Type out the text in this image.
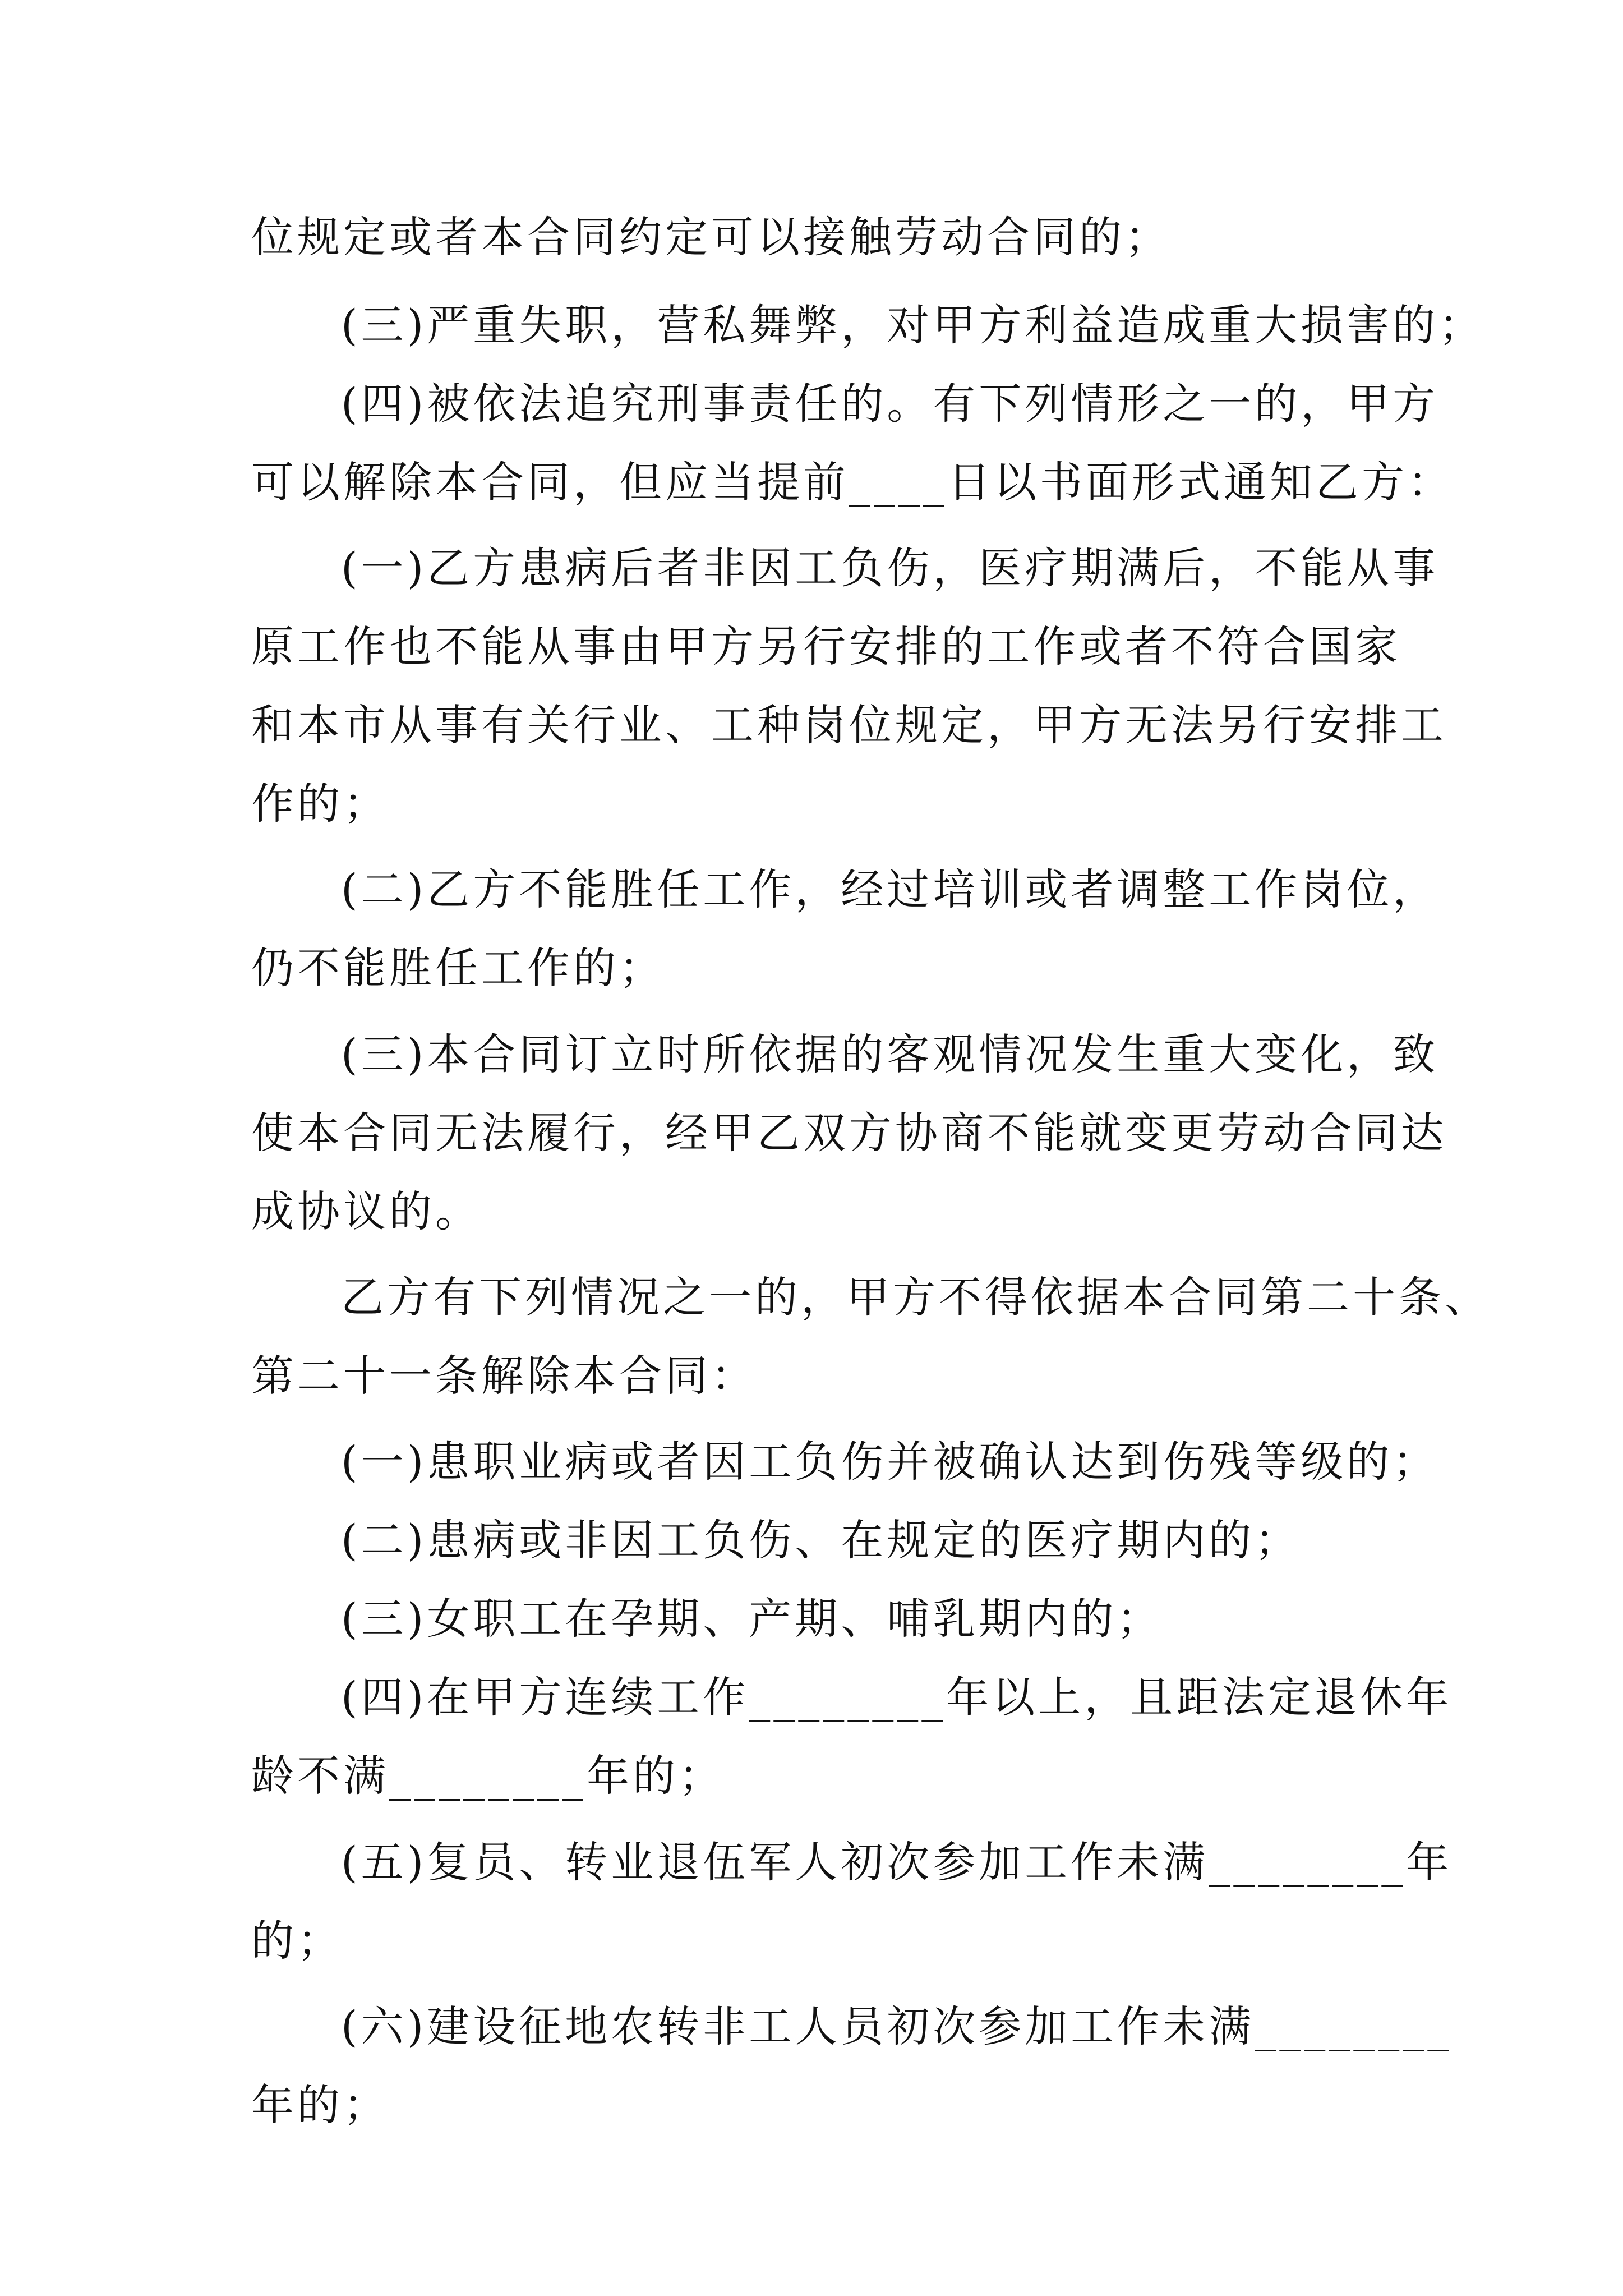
位规定或者本合同约定可以接触劳动合同的；
(三)严重失职，营私舞弊，对甲方利益造成重大损害的；
(四)被依法追究刑事责任的。有下列情形之一的，甲方
可以解除本合同，但应当提前____日以书面形式通知乙方：
(一)乙方患病后者非因工负伤，医疗期满后，不能从事
原工作也不能从事由甲方另行安排的工作或者不符合国家
和本市从事有关行业、工种岗位规定，甲方无法另行安排工
作的；
(二)乙方不能胜任工作，经过培训或者调整工作岗位，
仍不能胜任工作的；
(三)本合同订立时所依据的客观情况发生重大变化，致
使本合同无法履行，经甲乙双方协商不能就变更劳动合同达
成协议的。
乙方有下列情况之一的，甲方不得依据本合同第二十条、
第二十一条解除本合同：
(一)患职业病或者因工负伤并被确认达到伤残等级的；
(二)患病或非因工负伤、在规定的医疗期内的；
(三)女职工在孕期、产期、哺乳期内的；
(四)在甲方连续工作________年以上，且距法定退休年
龄不满________年的；
(五)复员、转业退伍军人初次参加工作未满________年
的；
(六)建设征地农转非工人员初次参加工作未满________
年的；
